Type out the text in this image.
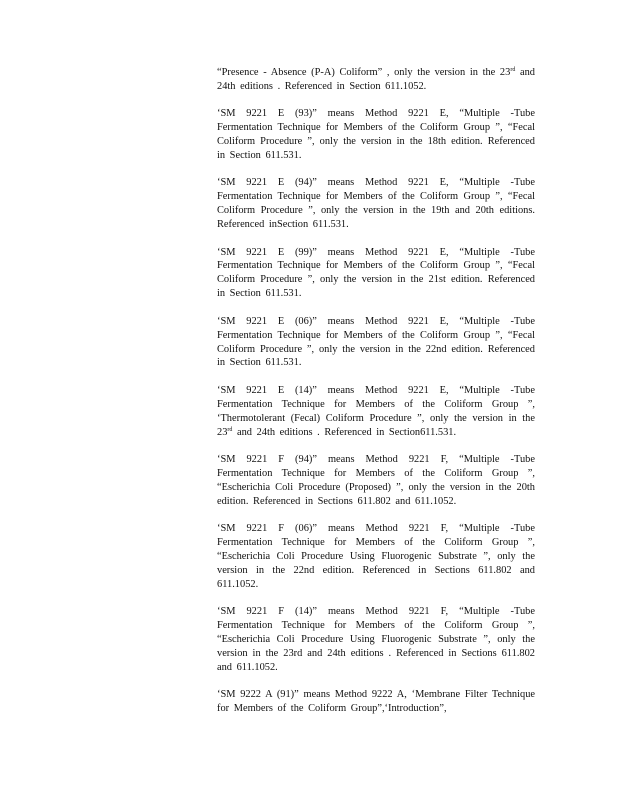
“Presence - Absence (P-A) Coliform” , only the version in the 23rd and 24th editions . Referenced in Section 611.1052.

‘SM 9221 E (93)” means Method 9221 E, “Multiple -Tube Fermentation Technique for Members of the Coliform Group ”, “Fecal Coliform Procedure ”, only the version in the 18th edition. Referenced in Section 611.531.

‘SM 9221 E (94)” means Method 9221 E, “Multiple -Tube Fermentation Technique for Members of the Coliform Group ”, “Fecal Coliform Procedure ”, only the version in the 19th and 20th editions. Referenced inSection 611.531.

‘SM 9221 E (99)” means Method 9221 E, “Multiple -Tube Fermentation Technique for Members of the Coliform Group ”, “Fecal Coliform Procedure ”, only the version in the 21st edition. Referenced in Section 611.531.

‘SM 9221 E (06)” means Method 9221 E, “Multiple -Tube Fermentation Technique for Members of the Coliform Group ”, “Fecal Coliform Procedure ”, only the version in the 22nd edition. Referenced in Section 611.531.

‘SM 9221 E (14)” means Method 9221 E, “Multiple -Tube Fermentation Technique for Members of the Coliform Group ”, ‘Thermotolerant (Fecal) Coliform Procedure ”, only the version in the 23rd and 24th editions . Referenced in Section611.531.

‘SM 9221 F (94)” means Method 9221 F, “Multiple -Tube Fermentation Technique for Members of the Coliform Group ”, “Escherichia Coli Procedure (Proposed) ”, only the version in the 20th edition. Referenced in Sections 611.802 and 611.1052.

‘SM 9221 F (06)” means Method 9221 F, “Multiple -Tube Fermentation Technique for Members of the Coliform Group ”, “Escherichia Coli Procedure Using Fluorogenic Substrate ”, only the version in the 22nd edition. Referenced in Sections 611.802 and 611.1052.

‘SM 9221 F (14)” means Method 9221 F, “Multiple -Tube Fermentation Technique for Members of the Coliform Group ”, “Escherichia Coli Procedure Using Fluorogenic Substrate ”, only the version in the 23rd and 24th editions . Referenced in Sections 611.802 and 611.1052.

‘SM 9222 A (91)” means Method 9222 A, ‘Membrane Filter Technique for Members of the Coliform Group”,‘Introduction”,
